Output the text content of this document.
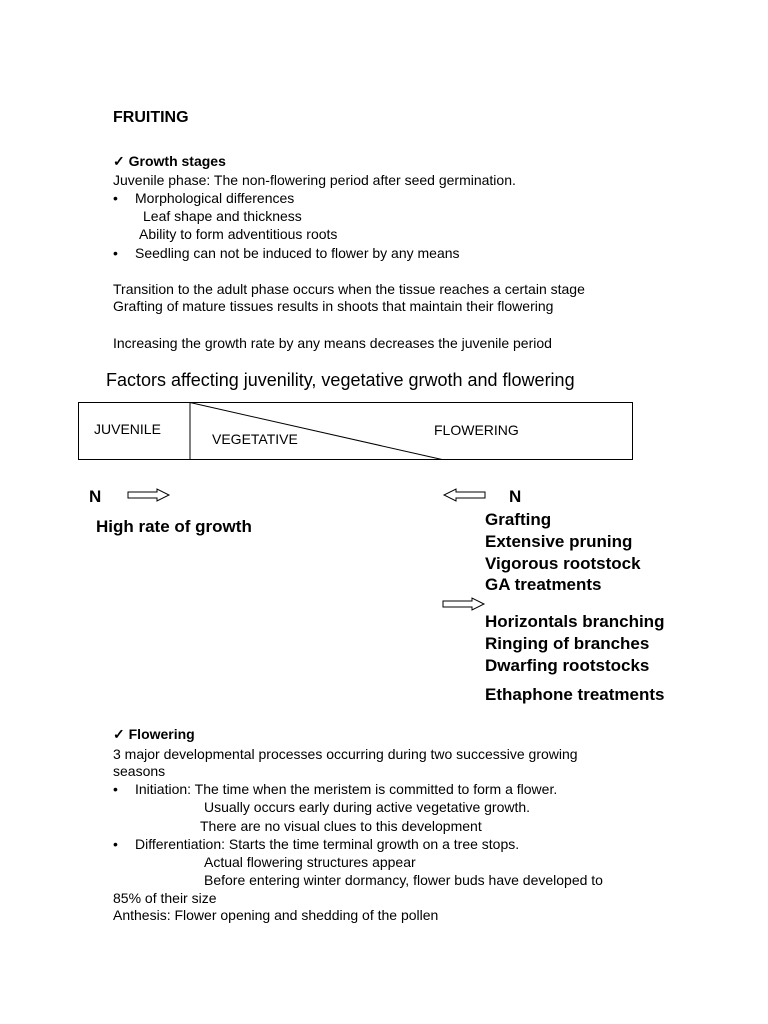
FRUITING
✓ Growth stages
Juvenile phase: The non-flowering period after seed germination.
• Morphological differences
Leaf shape and thickness
Ability to form adventitious roots
• Seedling can not be induced to flower by any means
Transition to the adult phase occurs when the tissue reaches a certain stage
Grafting of mature tissues results in shoots that maintain their flowering
Increasing the growth rate by any means decreases the juvenile period
Factors affecting juvenility, vegetative grwoth and flowering
JUVENILE
VEGETATIVE
FLOWERING
N
High rate of growth
N
Grafting
Extensive pruning
Vigorous rootstock
GA treatments
Horizontals branching
Ringing of branches
Dwarfing rootstocks
Ethaphone treatments
✓ Flowering
3 major developmental processes occurring during two successive growing
seasons
• Initiation: The time when the meristem is committed to form a flower.
Usually occurs early during active vegetative growth.
There are no visual clues to this development
• Differentiation: Starts the time terminal growth on a tree stops.
Actual flowering structures appear
Before entering winter dormancy, flower buds have developed to
85% of their size
Anthesis: Flower opening and shedding of the pollen
